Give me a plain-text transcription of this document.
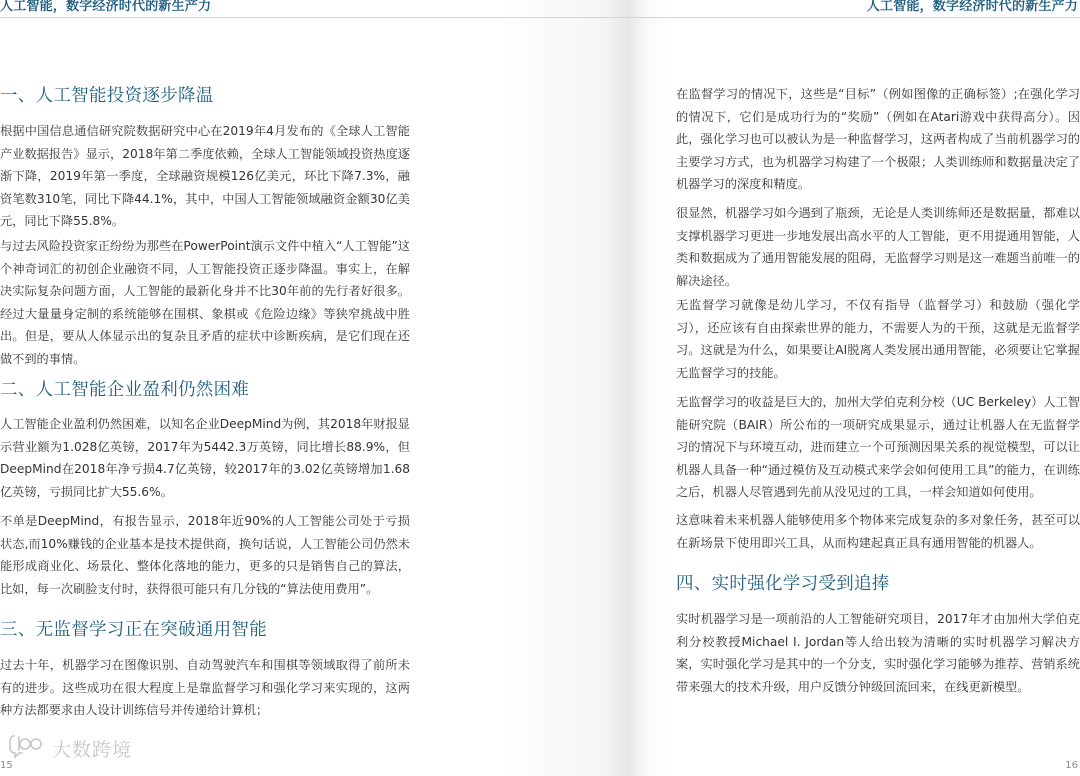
人工智能，数字经济时代的新生产力	人工智能，数字经济时代的新生产力
一、人工智能投资逐步降温

根据中国信息通信研究院数据研究中心在2019年4月发布的《全球人工智能产业数据报告》显示，2018年第二季度依赖，全球人工智能领域投资热度逐渐下降，2019年第一季度，全球融资规模126亿美元，环比下降7.3%，融资笔数310笔，同比下降44.1%，其中，中国人工智能领域融资金额30亿美元，同比下降55.8%。

与过去风险投资家正纷纷为那些在PowerPoint演示文件中植入“人工智能”这个神奇词汇的初创企业融资不同，人工智能投资正逐步降温。事实上，在解决实际复杂问题方面，人工智能的最新化身并不比30年前的先行者好很多。经过大量量身定制的系统能够在围棋、象棋或《危险边缘》等狭窄挑战中胜出。但是，要从人体显示出的复杂且矛盾的症状中诊断疾病，是它们现在还做不到的事情。

二、人工智能企业盈利仍然困难

人工智能企业盈利仍然困难，以知名企业DeepMind为例，其2018年财报显示营业额为1.028亿英镑，2017年为5442.3万英镑，同比增长88.9%，但DeepMind在2018年净亏损4.7亿英镑，较2017年的3.02亿英镑增加1.68亿英镑，亏损同比扩大55.6%。

不单是DeepMind，有报告显示，2018年近90%的人工智能公司处于亏损状态,而10%赚钱的企业基本是技术提供商，换句话说，人工智能公司仍然未能形成商业化、场景化、整体化落地的能力，更多的只是销售自己的算法，比如，每一次刷脸支付时，获得很可能只有几分钱的“算法使用费用”。

三、无监督学习正在突破通用智能

过去十年，机器学习在图像识别、自动驾驶汽车和围棋等领域取得了前所未有的进步。这些成功在很大程度上是靠监督学习和强化学习来实现的，这两种方法都要求由人设计训练信号并传递给计算机；

在监督学习的情况下，这些是“目标”（例如图像的正确标签）;在强化学习的情况下，它们是成功行为的“奖励”（例如在Atari游戏中获得高分）。因此，强化学习也可以被认为是一种监督学习，这两者构成了当前机器学习的主要学习方式，也为机器学习构建了一个极限；人类训练师和数据量决定了机器学习的深度和精度。

很显然，机器学习如今遇到了瓶颈，无论是人类训练师还是数据量，都难以支撑机器学习更进一步地发展出高水平的人工智能，更不用提通用智能，人类和数据成为了通用智能发展的阻碍，无监督学习则是这一难题当前唯一的解决途径。

无监督学习就像是幼儿学习，不仅有指导（监督学习）和鼓励（强化学习），还应该有自由探索世界的能力，不需要人为的干预，这就是无监督学习。这就是为什么，如果要让AI脱离人类发展出通用智能，必须要让它掌握无监督学习的技能。

无监督学习的收益是巨大的，加州大学伯克利分校（UC Berkeley）人工智能研究院（BAIR）所公布的一项研究成果显示，通过让机器人在无监督学习的情况下与环境互动，进而建立一个可预测因果关系的视觉模型，可以让机器人具备一种“通过模仿及互动模式来学会如何使用工具”的能力，在训练之后，机器人尽管遇到先前从没见过的工具，一样会知道如何使用。

这意味着未来机器人能够使用多个物体来完成复杂的多对象任务，甚至可以在新场景下使用即兴工具，从而构建起真正具有通用智能的机器人。

四、实时强化学习受到追捧

实时机器学习是一项前沿的人工智能研究项目，2017年才由加州大学伯克利分校教授Michael I. Jordan等人给出较为清晰的实时机器学习解决方案，实时强化学习是其中的一个分支，实时强化学习能够为推荐、营销系统带来强大的技术升级，用户反馈分钟级回流回来，在线更新模型。

大数跨境
15	16
